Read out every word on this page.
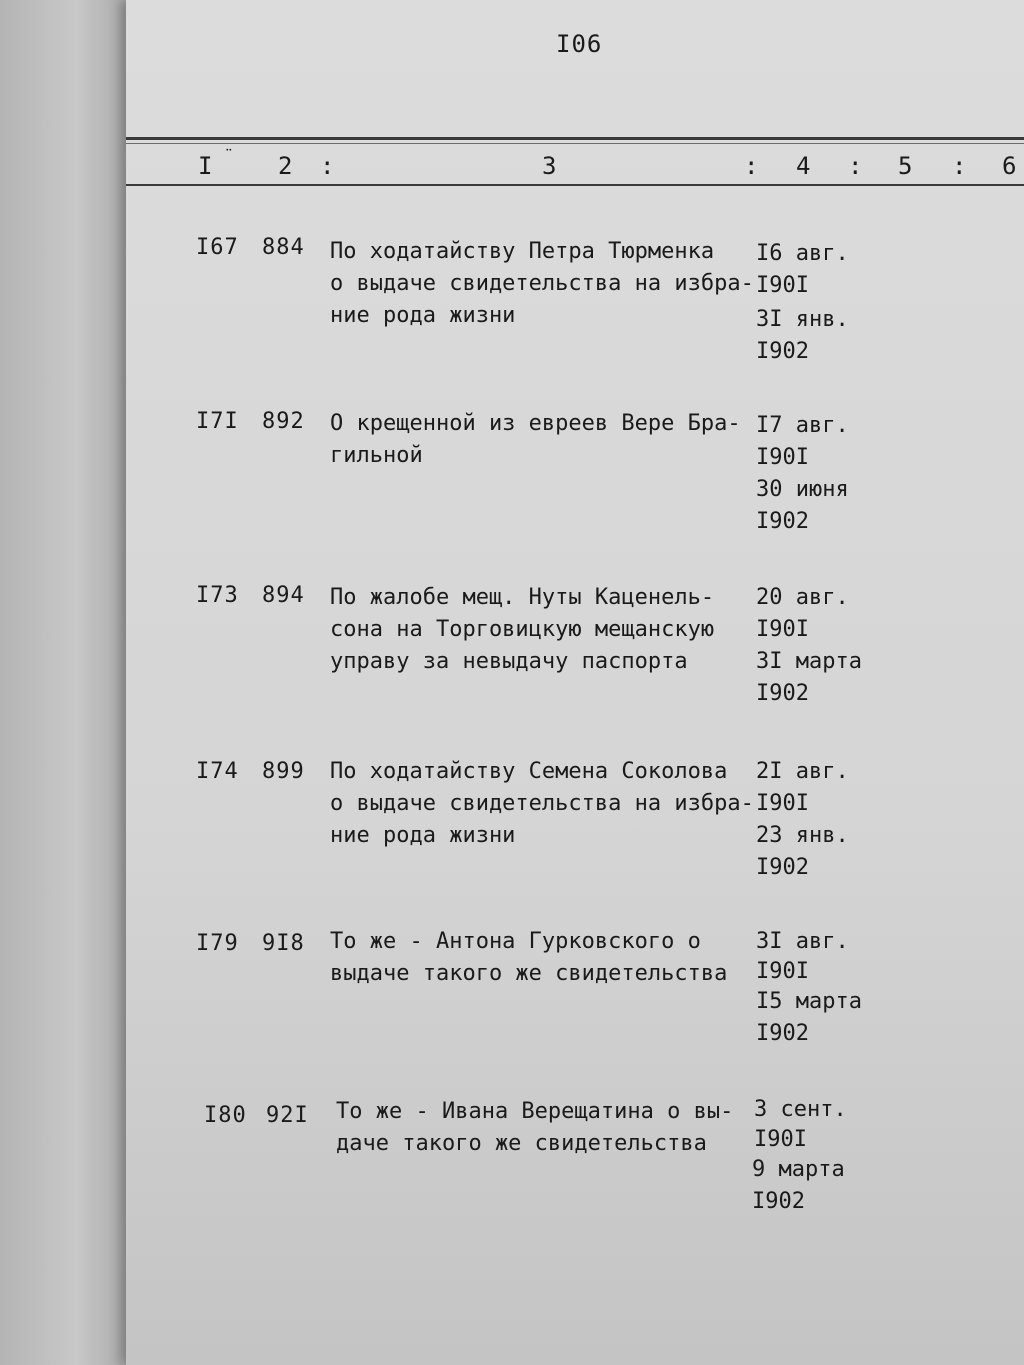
I06
I ¨ 2 :	3	: 4 : 5 : 6
I67 884 По ходатайству Петра Тюрменка
о выдаче свидетельства на избра-
ние рода жизни
I6 авг.
I90I
3I янв.
I902
I7I 892 О крещенной из евреев Вере Бра-
гильной
I7 авг.
I90I
30 июня
I902
I73 894 По жалобе мещ. Нуты Каценель-
сона на Торговицкую мещанскую
управу за невыдачу паспорта
20 авг.
I90I
3I марта
I902
I74 899 По ходатайству Семена Соколова
о выдаче свидетельства на избра-
ние рода жизни
2I авг.
I90I
23 янв.
I902
I79 9I8 То же - Антона Гурковского о
выдаче такого же свидетельства
3I авг.
I90I
I5 марта
I902
I80 92I То же - Ивана Верещатина о вы-
даче такого же свидетельства
3 сент.
I90I
9 марта
I902
